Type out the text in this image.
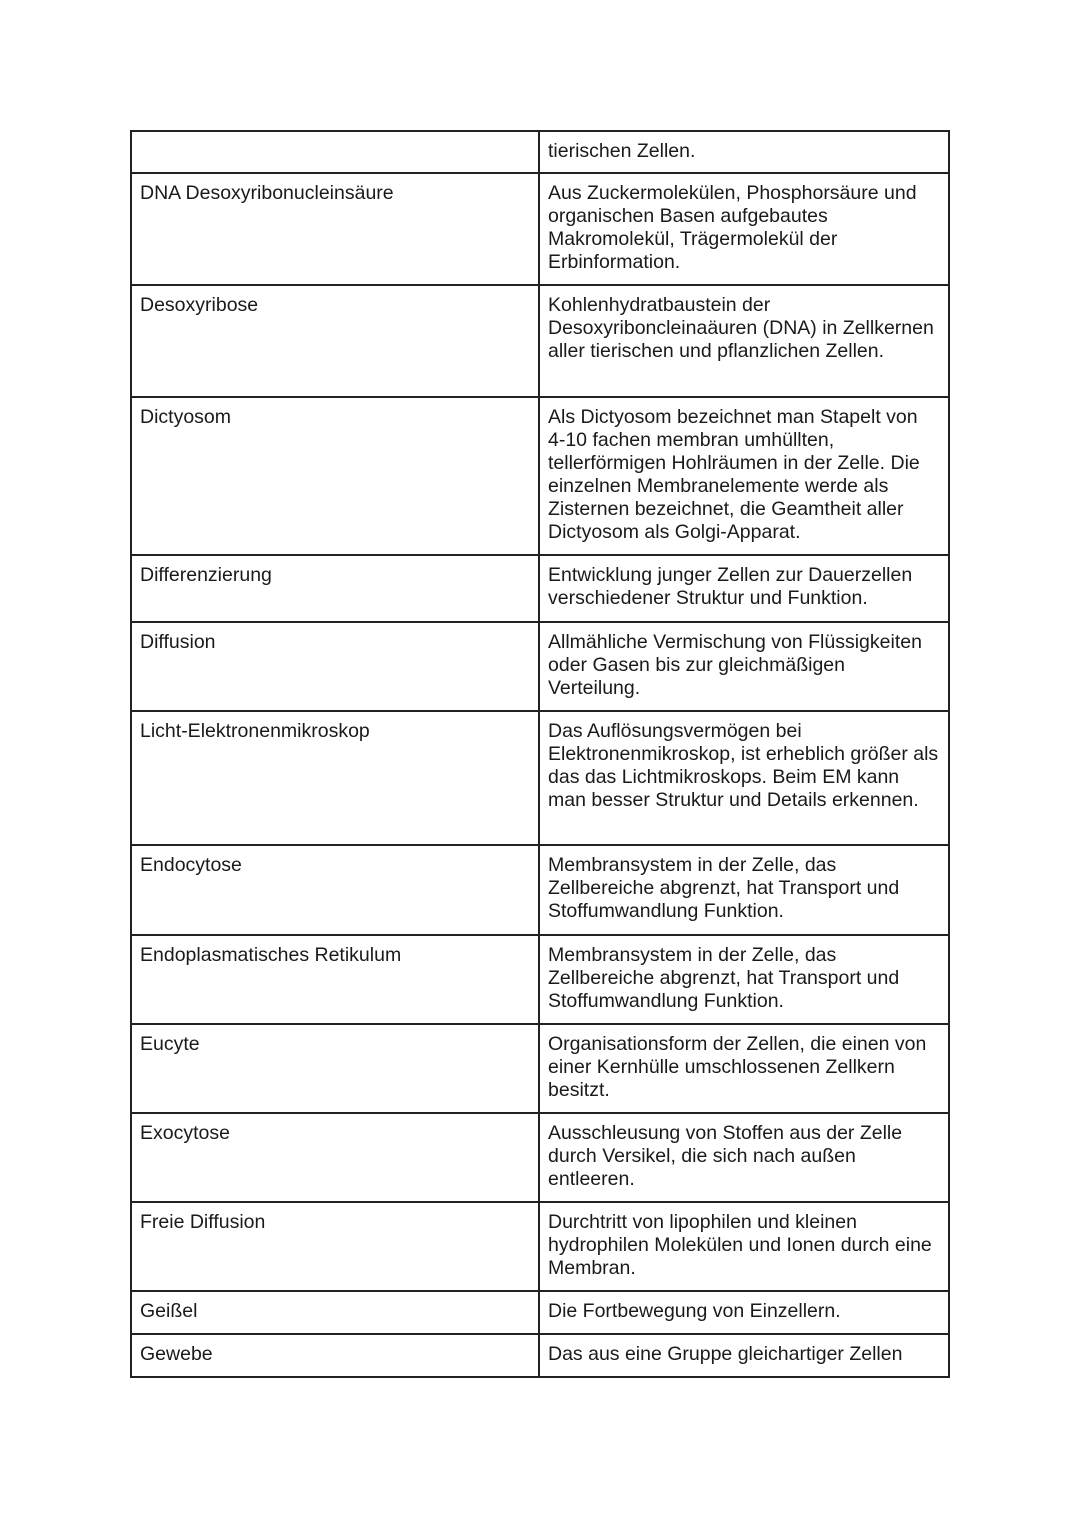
	tierischen Zellen.
DNA Desoxyribonucleinsäure	Aus Zuckermolekülen, Phosphorsäure und organischen Basen aufgebautes Makromolekül, Trägermolekül der Erbinformation.
Desoxyribose	Kohlenhydratbaustein der Desoxyriboncleinaäuren (DNA) in Zellkernen aller tierischen und pflanzlichen Zellen.
Dictyosom	Als Dictyosom bezeichnet man Stapelt von 4-10 fachen membran umhüllten, tellerförmigen Hohlräumen in der Zelle. Die einzelnen Membranelemente werde als Zisternen bezeichnet, die Geamtheit aller Dictyosom als Golgi-Apparat.
Differenzierung	Entwicklung junger Zellen zur Dauerzellen verschiedener Struktur und Funktion.
Diffusion	Allmähliche Vermischung von Flüssigkeiten oder Gasen bis zur gleichmäßigen Verteilung.
Licht-Elektronenmikroskop	Das Auflösungsvermögen bei Elektronenmikroskop, ist erheblich größer als das das Lichtmikroskops. Beim EM kann man besser Struktur und Details erkennen.
Endocytose	Membransystem in der Zelle, das Zellbereiche abgrenzt, hat Transport und Stoffumwandlung Funktion.
Endoplasmatisches Retikulum	Membransystem in der Zelle, das Zellbereiche abgrenzt, hat Transport und Stoffumwandlung Funktion.
Eucyte	Organisationsform der Zellen, die einen von einer Kernhülle umschlossenen Zellkern besitzt.
Exocytose	Ausschleusung von Stoffen aus der Zelle durch Versikel, die sich nach außen entleeren.
Freie Diffusion	Durchtritt von lipophilen und kleinen hydrophilen Molekülen und Ionen durch eine Membran.
Geißel	Die Fortbewegung von Einzellern.
Gewebe	Das aus eine Gruppe gleichartiger Zellen
